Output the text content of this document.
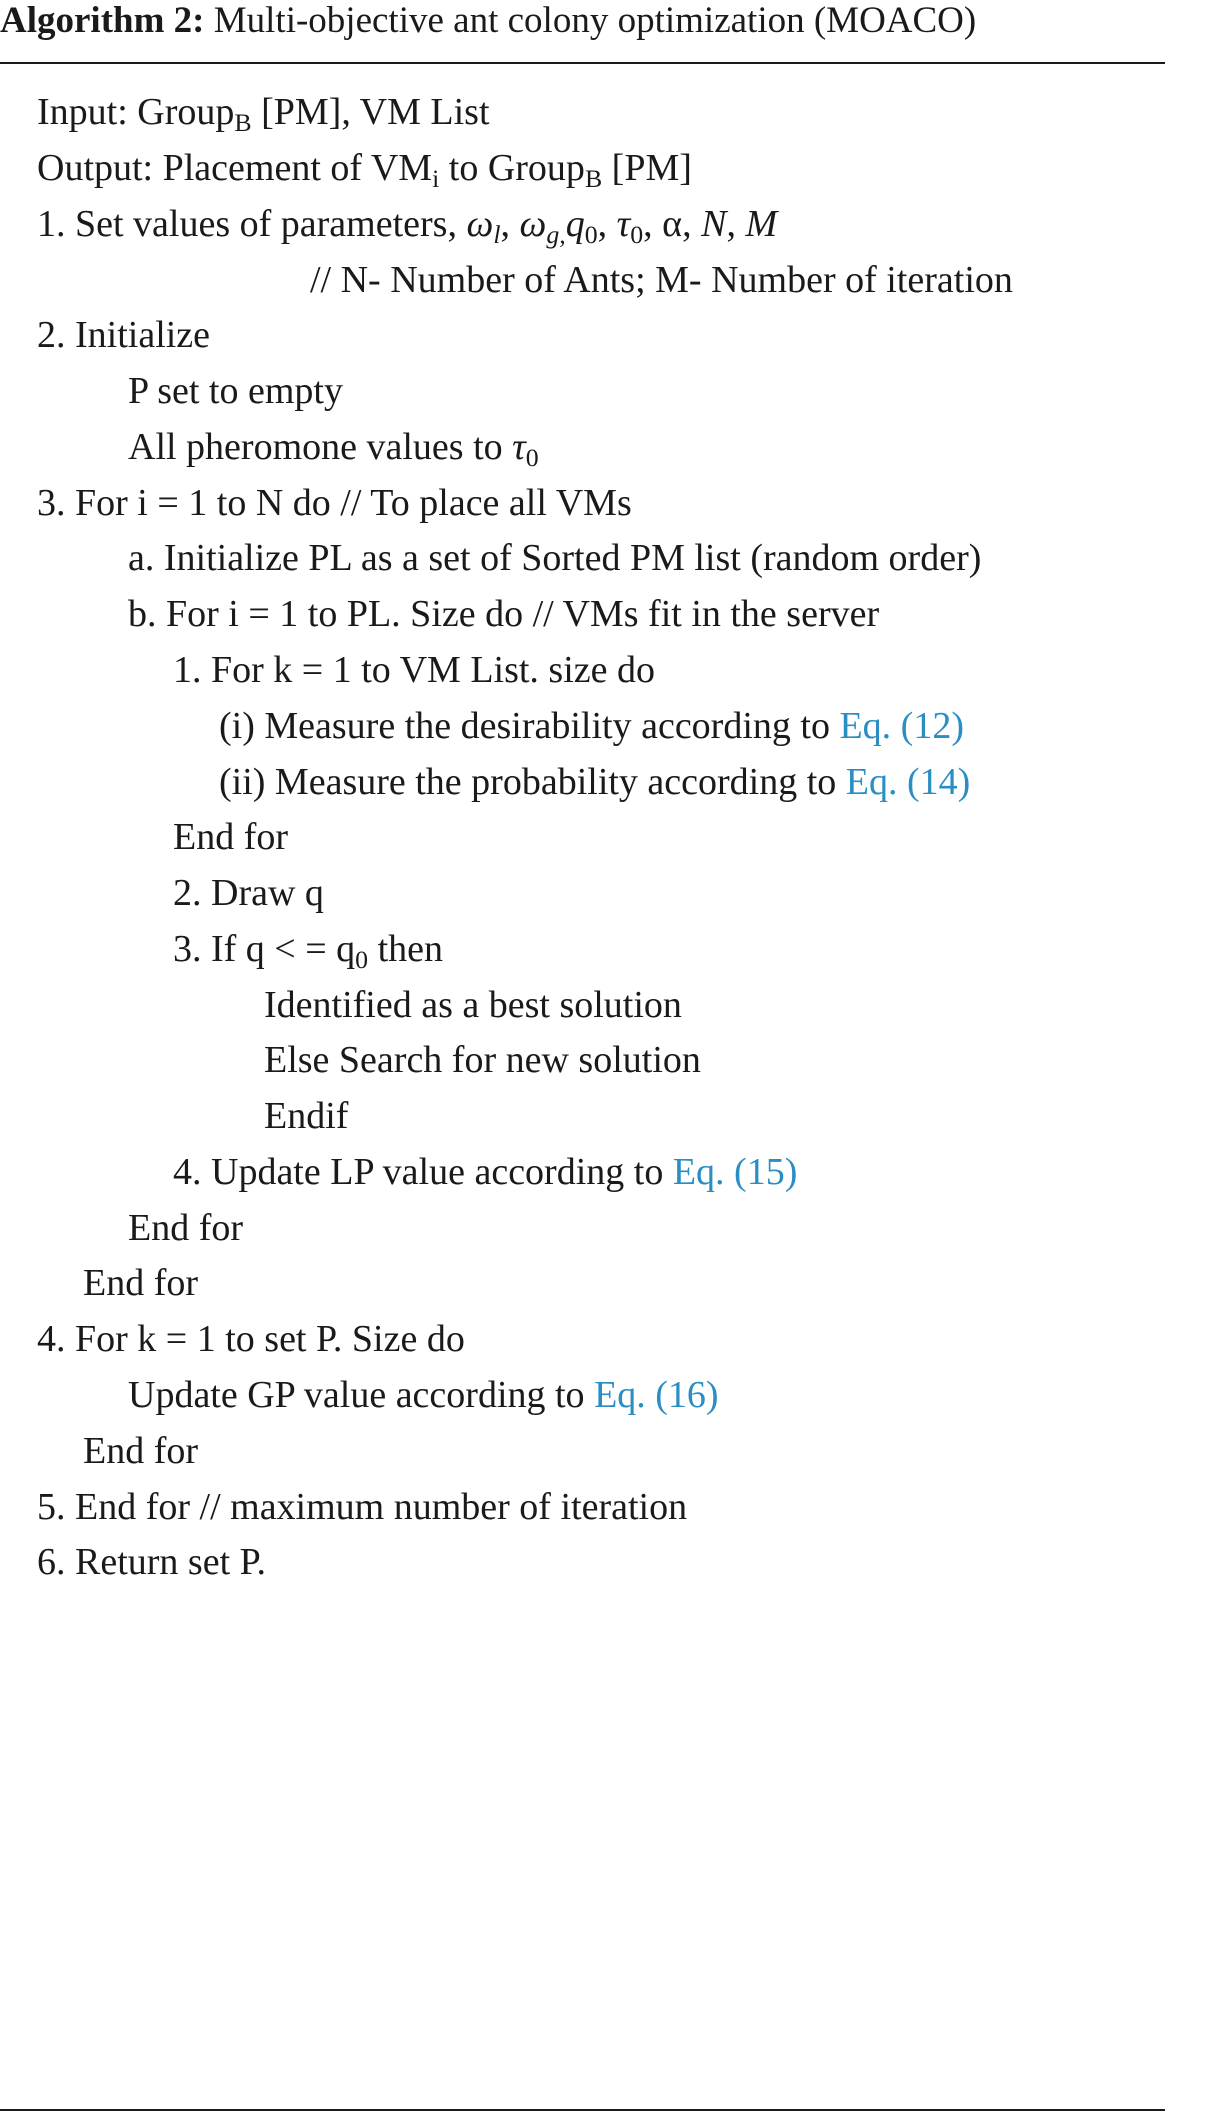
Algorithm 2: Multi-objective ant colony optimization (MOACO)
Input: Group$_B$ [PM], VM List
Output: Placement of $VM_i$ to Group$_B$ [PM]
1. Set values of parameters, $\omega_l$, $\omega_{g,}q_0$, $\tau_0$, α, N, M
// N- Number of Ants; M- Number of iteration
2. Initialize
P set to empty
All pheromone values to $\tau_0$
3. For i = 1 to N do // To place all VMs
a. Initialize PL as a set of Sorted PM list (random order)
b. For i = 1 to PL. Size do // VMs fit in the server
1. For k = 1 to VM List. size do
(i) Measure the desirability according to Eq. (12)
(ii) Measure the probability according to Eq. (14)
End for
2. Draw q
3. If q < = $q_0$ then
Identified as a best solution
Else Search for new solution
Endif
4. Update LP value according to Eq. (15)
End for
End for
4. For k = 1 to set P. Size do
Update GP value according to Eq. (16)
End for
5. End for // maximum number of iteration
6. Return set P.
